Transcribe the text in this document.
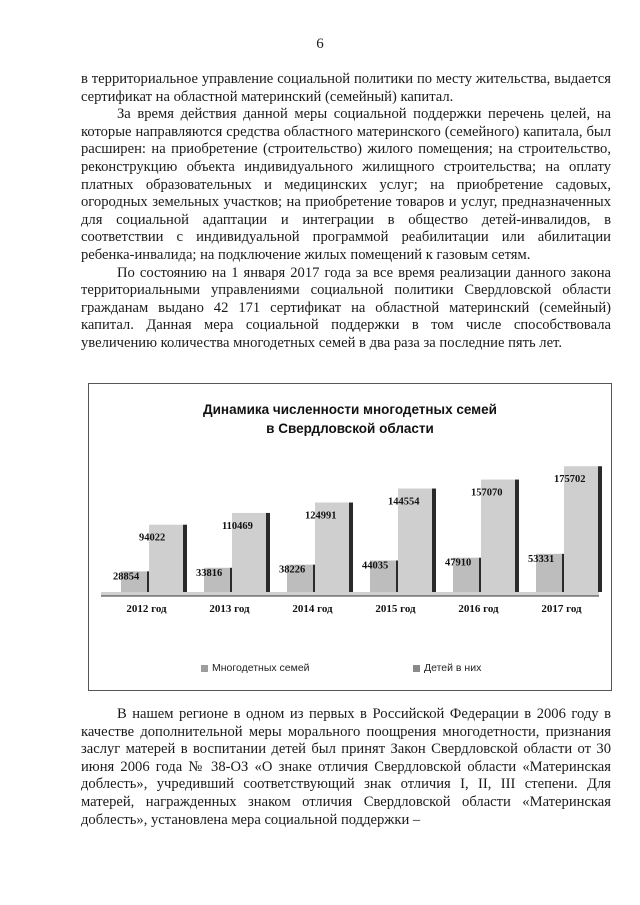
6

в территориальное управление социальной политики по месту жительства, выдается сертификат на областной материнский (семейный) капитал.

За время действия данной меры социальной поддержки перечень целей, на которые направляются средства областного материнского (семейного) капитала, был расширен: на приобретение (строительство) жилого помещения; на строительство, реконструкцию объекта индивидуального жилищного строительства; на оплату платных образовательных и медицинских услуг; на приобретение садовых, огородных земельных участков; на приобретение товаров и услуг, предназначенных для социальной адаптации и интеграции в общество детей-инвалидов, в соответствии с индивидуальной программой реабилитации или абилитации ребенка-инвалида; на подключение жилых помещений к газовым сетям.

По состоянию на 1 января 2017 года за все время реализации данного закона территориальными управлениями социальной политики Свердловской области гражданам выдано 42 171 сертификат на областной материнский (семейный) капитал. Данная мера социальной поддержки в том числе способствовала увеличению количества многодетных семей в два раза за последние пять лет.

Динамика численности многодетных семей
в Свердловской области
28854
94022
2012 год
33816
110469
2013 год
38226
124991
2014 год
44035
144554
2015 год
47910
157070
2016 год
53331
175702
2017 год
Многодетных семей	Детей в них

В нашем регионе в одном из первых в Российской Федерации в 2006 году в качестве дополнительной меры морального поощрения многодетности, признания заслуг матерей в воспитании детей был принят Закон Свердловской области от 30 июня 2006 года № 38-ОЗ «О знаке отличия Свердловской области «Материнская доблесть», учредивший соответствующий знак отличия I, II, III степени. Для матерей, награжденных знаком отличия Свердловской области «Материнская доблесть», установлена мера социальной поддержки –
